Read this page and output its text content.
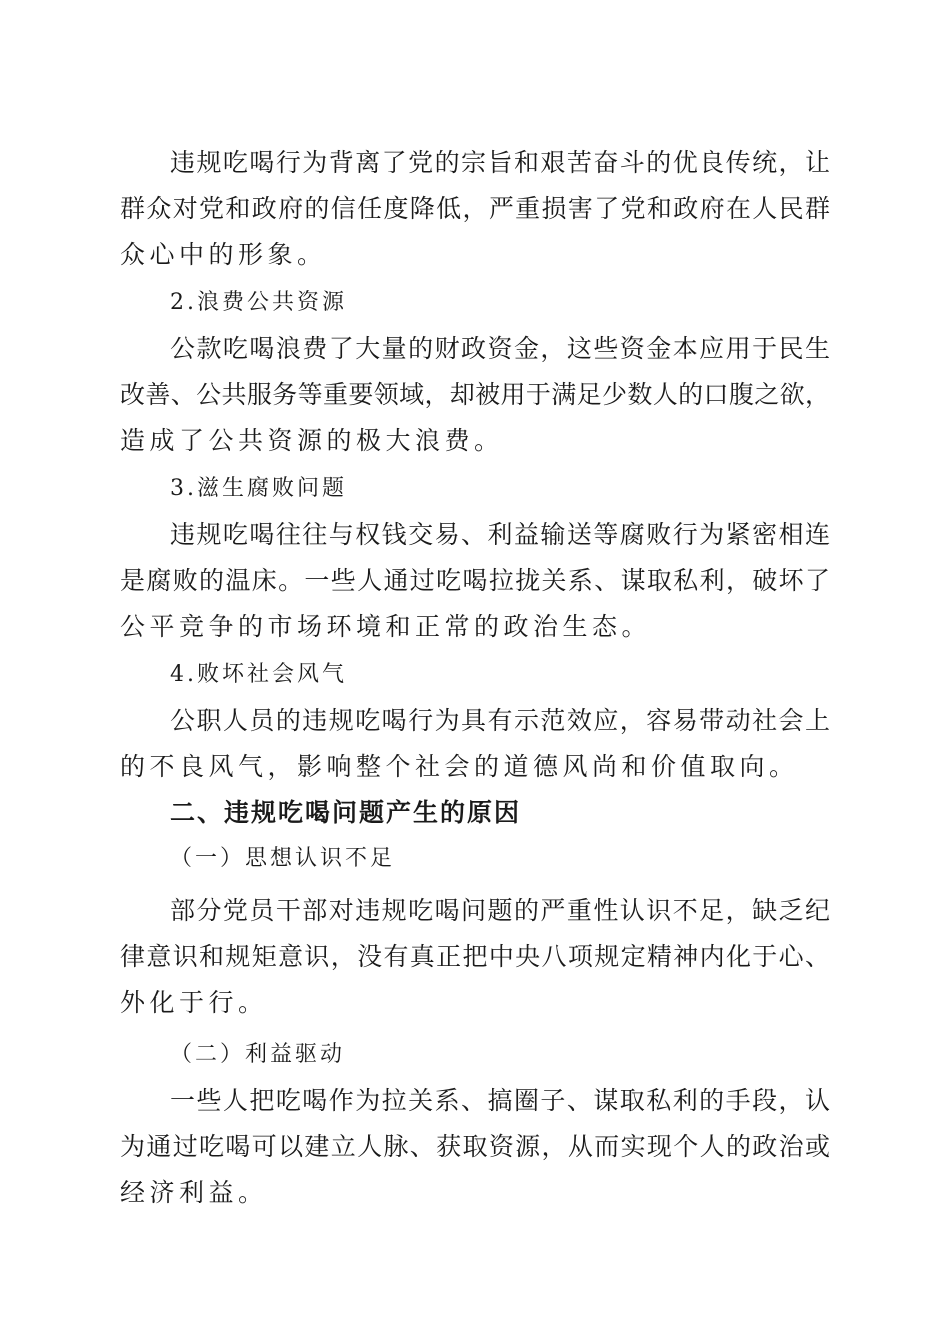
违规吃喝行为背离了党的宗旨和艰苦奋斗的优良传统，让
群众对党和政府的信任度降低，严重损害了党和政府在人民群
众心中的形象。
2.浪费公共资源
公款吃喝浪费了大量的财政资金，这些资金本应用于民生
改善、公共服务等重要领域，却被用于满足少数人的口腹之欲，
造成了公共资源的极大浪费。
3.滋生腐败问题
违规吃喝往往与权钱交易、利益输送等腐败行为紧密相连
是腐败的温床。一些人通过吃喝拉拢关系、谋取私利，破坏了
公平竞争的市场环境和正常的政治生态。
4.败坏社会风气
公职人员的违规吃喝行为具有示范效应，容易带动社会上
的不良风气，影响整个社会的道德风尚和价值取向。
二、违规吃喝问题产生的原因
（一）思想认识不足
部分党员干部对违规吃喝问题的严重性认识不足，缺乏纪
律意识和规矩意识，没有真正把中央八项规定精神内化于心、
外化于行。
（二）利益驱动
一些人把吃喝作为拉关系、搞圈子、谋取私利的手段，认
为通过吃喝可以建立人脉、获取资源，从而实现个人的政治或
经济利益。
